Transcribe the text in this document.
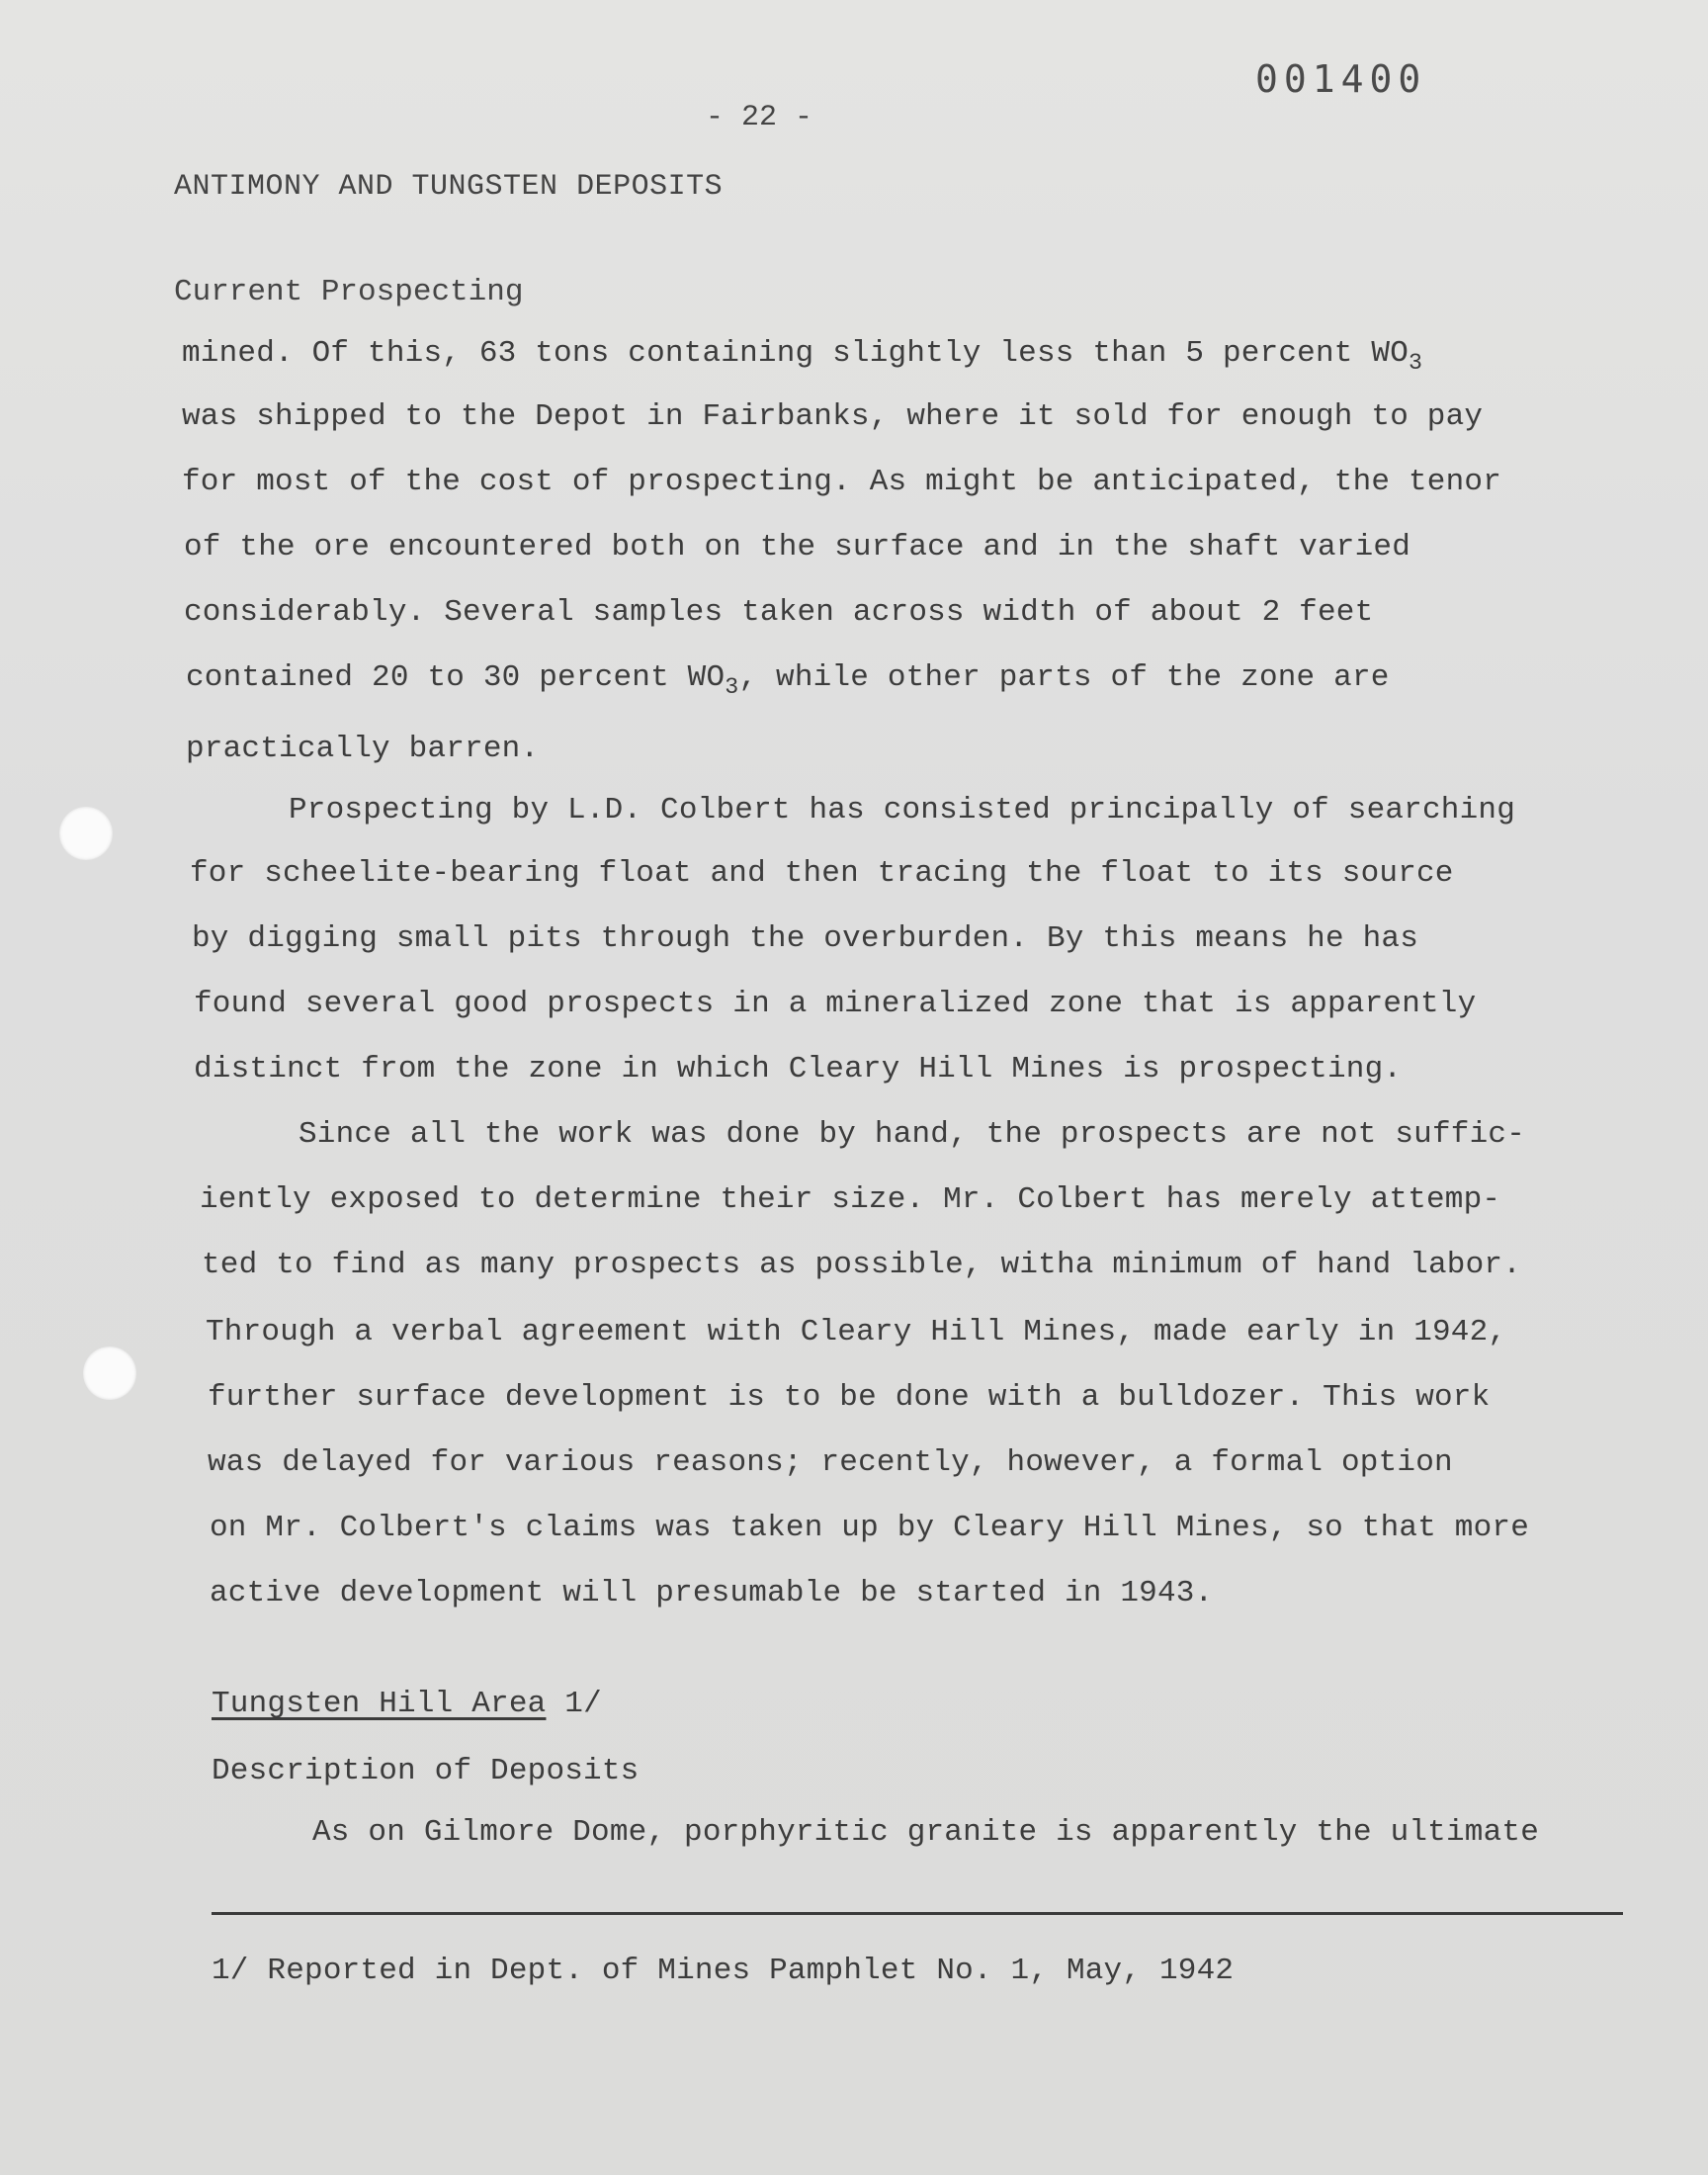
001400
- 22 -
ANTIMONY AND TUNGSTEN DEPOSITS
Current Prospecting
mined. Of this, 63 tons containing slightly less than 5 percent $WO_3$
was shipped to the Depot in Fairbanks, where it sold for enough to pay
for most of the cost of prospecting. As might be anticipated, the tenor
of the ore encountered both on the surface and in the shaft varied
considerably. Several samples taken across width of about 2 feet
contained 20 to 30 percent $WO_3$, while other parts of the zone are
practically barren.
Prospecting by L.D. Colbert has consisted principally of searching
for scheelite-bearing float and then tracing the float to its source
by digging small pits through the overburden. By this means he has
found several good prospects in a mineralized zone that is apparently
distinct from the zone in which Cleary Hill Mines is prospecting.
Since all the work was done by hand, the prospects are not suffic-
iently exposed to determine their size. Mr. Colbert has merely attemp-
ted to find as many prospects as possible, witha minimum of hand labor.
Through a verbal agreement with Cleary Hill Mines, made early in 1942,
further surface development is to be done with a bulldozer. This work
was delayed for various reasons; recently, however, a formal option
on Mr. Colbert's claims was taken up by Cleary Hill Mines, so that more
active development will presumable be started in 1943.
Tungsten Hill Area 1/
Description of Deposits
As on Gilmore Dome, porphyritic granite is apparently the ultimate
1/ Reported in Dept. of Mines Pamphlet No. 1, May, 1942
